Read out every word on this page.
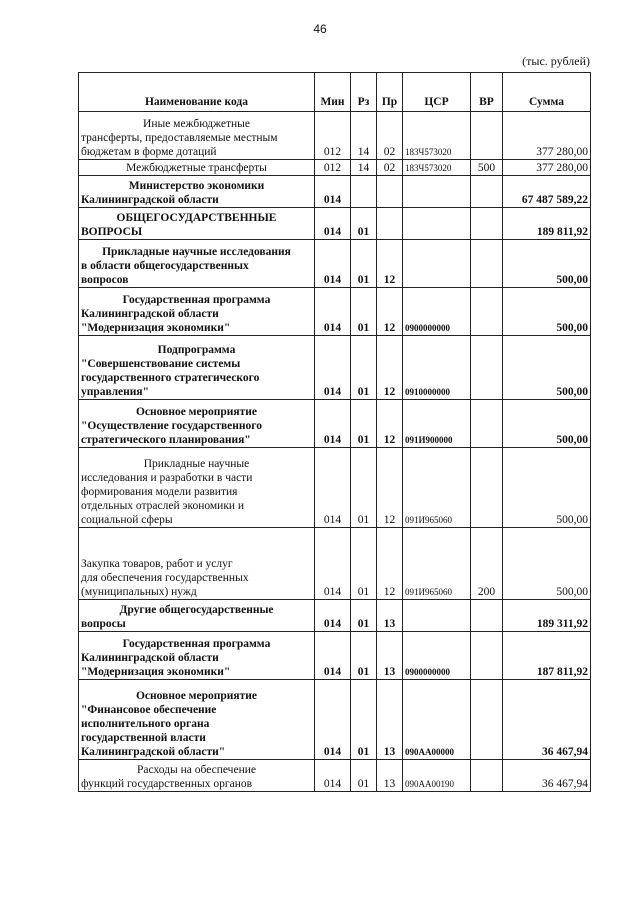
46
(тыс. рублей)
Наименование кода	Мин	Рз	Пр	ЦСР	ВР	Сумма

Иные межбюджетные
трансферты, предоставляемые местным
бюджетам в форме дотаций	012	14	02	183Ч573020		377 280,00

Межбюджетные трансферты	012	14	02	183Ч573020	500	377 280,00

Министерство экономики
Калининградской области	014					67 487 589,22

ОБЩЕГОСУДАРСТВЕННЫЕ
ВОПРОСЫ	014	01				189 811,92

Прикладные научные исследования
в области общегосударственных
вопросов	014	01	12			500,00

Государственная программа
Калининградской области
"Модернизация экономики"	014	01	12	0900000000		500,00

Подпрограмма
"Совершенствование системы
государственного стратегического
управления"	014	01	12	0910000000		500,00

Основное мероприятие
"Осуществление государственного
стратегического планирования"	014	01	12	091И900000		500,00

Прикладные научные
исследования и разработки в части
формирования модели развития
отдельных отраслей экономики и
социальной сферы	014	01	12	091И965060		500,00

Закупка товаров, работ и услуг
для обеспечения государственных
(муниципальных) нужд	014	01	12	091И965060	200	500,00

Другие общегосударственные
вопросы	014	01	13			189 311,92

Государственная программа
Калининградской области
"Модернизация экономики"	014	01	13	0900000000		187 811,92

Основное мероприятие
"Финансовое обеспечение
исполнительного органа
государственной власти
Калининградской области"	014	01	13	090АА00000		36 467,94

Расходы на обеспечение
функций государственных органов	014	01	13	090АА00190		36 467,94
